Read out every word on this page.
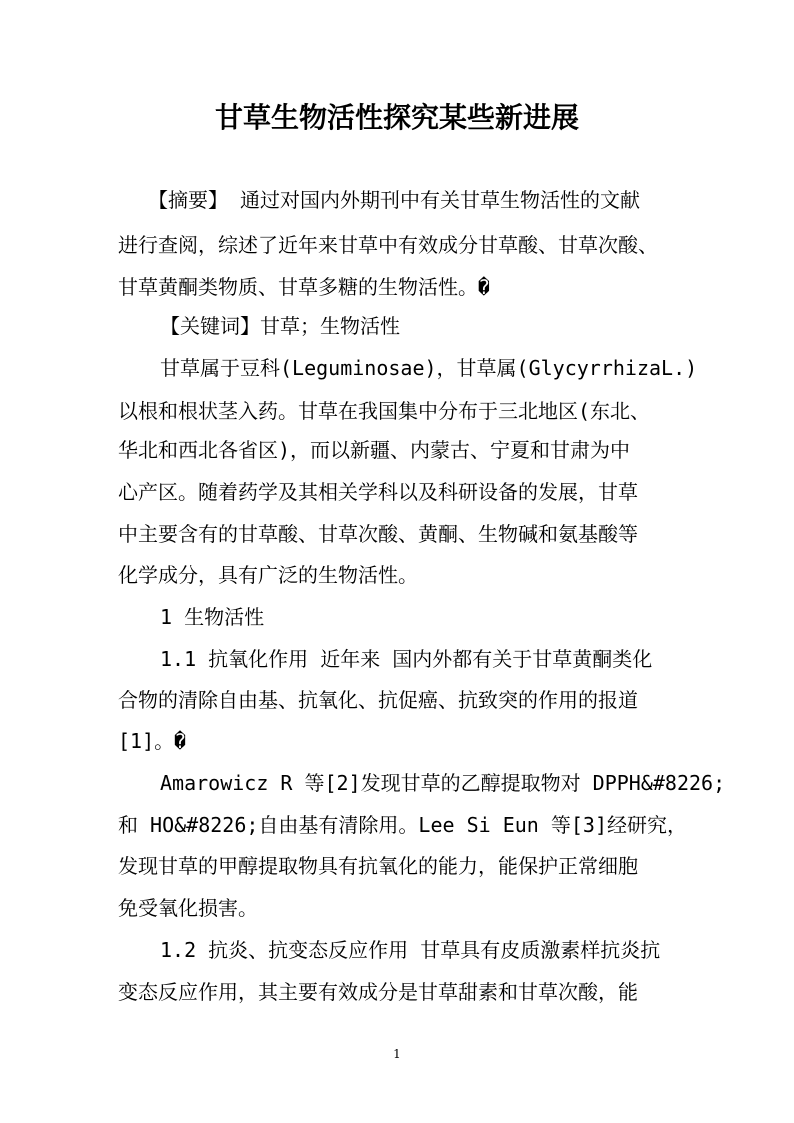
甘草生物活性探究某些新进展
【摘要】 通过对国内外期刊中有关甘草生物活性的文献
进行查阅，综述了近年来甘草中有效成分甘草酸、甘草次酸、
甘草黄酮类物质、甘草多糖的生物活性。�
【关键词】甘草；生物活性
甘草属于豆科(Leguminosae)，甘草属(GlycyrrhizaL.)
以根和根状茎入药。甘草在我国集中分布于三北地区(东北、
华北和西北各省区)，而以新疆、内蒙古、宁夏和甘肃为中
心产区。随着药学及其相关学科以及科研设备的发展，甘草
中主要含有的甘草酸、甘草次酸、黄酮、生物碱和氨基酸等
化学成分，具有广泛的生物活性。
1 生物活性
1.1 抗氧化作用 近年来 国内外都有关于甘草黄酮类化
合物的清除自由基、抗氧化、抗促癌、抗致突的作用的报道
[1]。�
Amarowicz R 等[2]发现甘草的乙醇提取物对 DPPH&#8226;
和 HO&#8226;自由基有清除用。Lee Si Eun 等[3]经研究，
发现甘草的甲醇提取物具有抗氧化的能力，能保护正常细胞
免受氧化损害。
1.2 抗炎、抗变态反应作用 甘草具有皮质激素样抗炎抗
变态反应作用，其主要有效成分是甘草甜素和甘草次酸，能
1
